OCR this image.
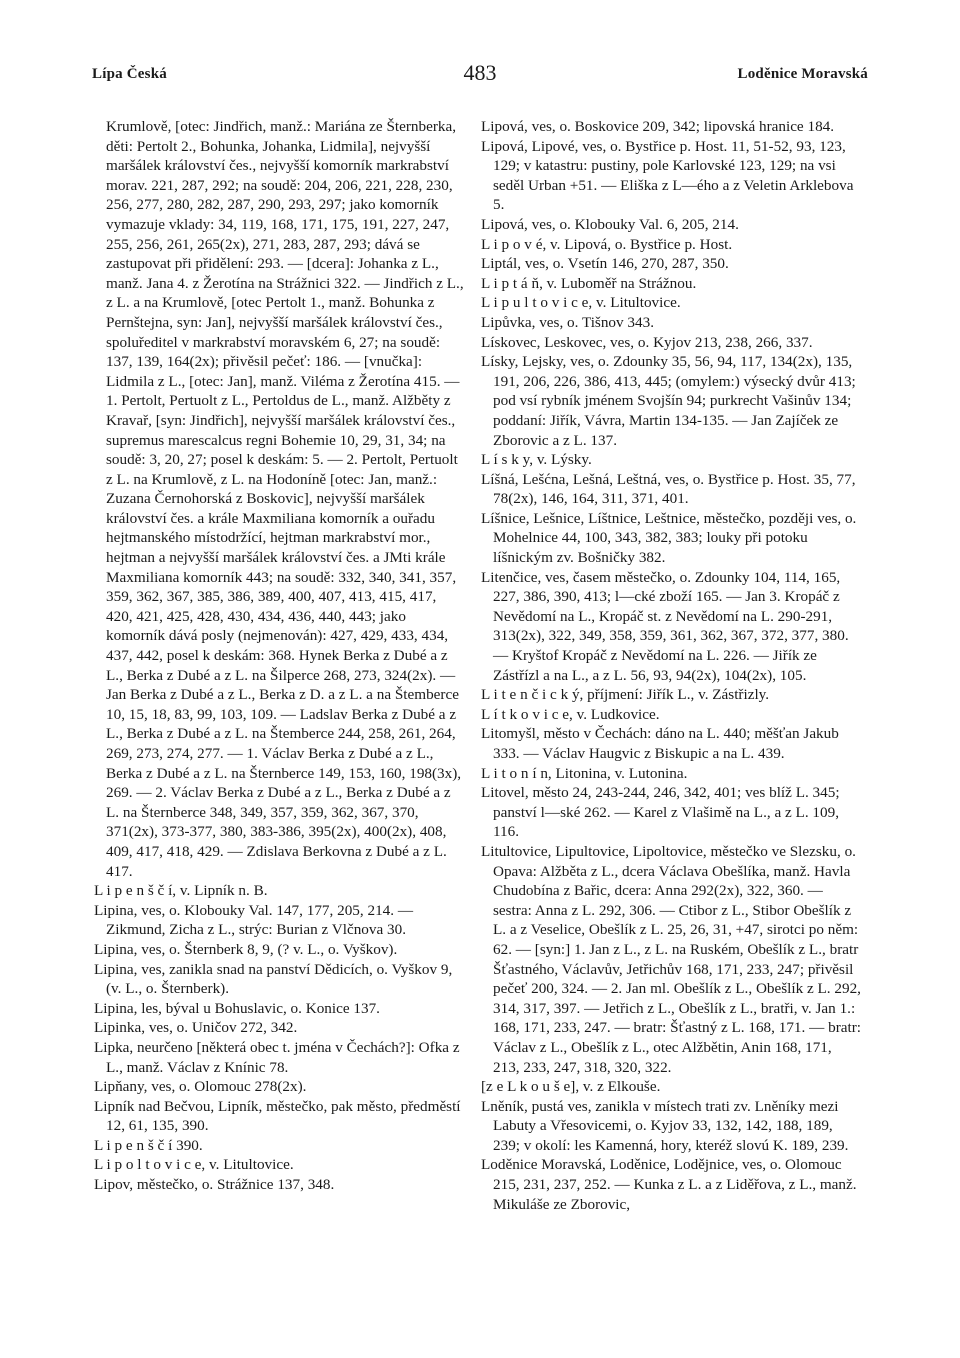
Lípa Česká	483	Loděnice Moravská

Krumlově, [otec: Jindřich, manž.: Mariána ze Šternberka, děti: Pertolt 2., Bohunka, Johanka, Lidmila], nejvyšší maršálek království čes., nejvyšší komorník markrabství morav. 221, 287, 292; na soudě: 204, 206, 221, 228, 230, 256, 277, 280, 282, 287, 290, 293, 297; jako komorník vymazuje vklady: 34, 119, 168, 171, 175, 191, 227, 247, 255, 256, 261, 265(2x), 271, 283, 287, 293; dává se zastupovat při přidělení: 293. — [dcera]: Johanka z L., manž. Jana 4. z Žerotína na Strážnici 322. — Jindřich z L., z L. a na Krumlově, [otec Pertolt 1., manž. Bohunka z Pernštejna, syn: Jan], nejvyšší maršálek království čes., spoluředitel v markrabství moravském 6, 27; na soudě: 137, 139, 164(2x); přivěsil pečeť: 186. — [vnučka]: Lidmila z L., [otec: Jan], manž. Viléma z Žerotína 415. — 1. Pertolt, Pertuolt z L., Pertoldus de L., manž. Alžběty z Kravař, [syn: Jindřich], nejvyšší maršálek království čes., supremus marescalcus regni Bohemie 10, 29, 31, 34; na soudě: 3, 20, 27; posel k deskám: 5. — 2. Pertolt, Pertuolt z L. na Krumlově, z L. na Hodoníně [otec: Jan, manž.: Zuzana Černohorská z Boskovic], nejvyšší maršálek království čes. a krále Maxmiliana komorník a ouřadu hejtmanského místodržící, hejtman markrabství mor., hejtman a nejvyšší maršálek království čes. a JMti krále Maxmiliana komorník 443; na soudě: 332, 340, 341, 357, 359, 362, 367, 385, 386, 389, 400, 407, 413, 415, 417, 420, 421, 425, 428, 430, 434, 436, 440, 443; jako komorník dává posly (nejmenován): 427, 429, 433, 434, 437, 442, posel k deskám: 368. Hynek Berka z Dubé a z L., Berka z Dubé a z L. na Šilperce 268, 273, 324(2x). — Jan Berka z Dubé a z L., Berka z D. a z L. a na Štemberce 10, 15, 18, 83, 99, 103, 109. — Ladslav Berka z Dubé a z L., Berka z Dubé a z L. na Štemberce 244, 258, 261, 264, 269, 273, 274, 277. — 1. Václav Berka z Dubé a z L., Berka z Dubé a z L. na Šternberce 149, 153, 160, 198(3x), 269. — 2. Václav Berka z Dubé a z L., Berka z Dubé a z L. na Šternberce 348, 349, 357, 359, 362, 367, 370, 371(2x), 373-377, 380, 383-386, 395(2x), 400(2x), 408, 409, 417, 418, 429. — Zdislava Berkovna z Dubé a z L. 417.

L i p e n š č í, v. Lipník n. B.

Lipina, ves, o. Klobouky Val. 147, 177, 205, 214. — Zikmund, Zicha z L., strýc: Burian z Vlčnova 30.

Lipina, ves, o. Šternberk 8, 9, (? v. L., o. Vyškov).

Lipina, ves, zanikla snad na panství Dědicích, o. Vyškov 9, (v. L., o. Šternberk).

Lipina, les, býval u Bohuslavic, o. Konice 137.

Lipinka, ves, o. Uničov 272, 342.

Lipka, neurčeno [některá obec t. jména v Čechách?]: Ofka z L., manž. Václav z Knínic 78.

Lipňany, ves, o. Olomouc 278(2x).

Lipník nad Bečvou, Lipník, městečko, pak město, předměstí 12, 61, 135, 390.

L i p e n š č í 390.

L i p o l t o v i c e, v. Litultovice.

Lipov, městečko, o. Strážnice 137, 348.

Lipová, ves, o. Boskovice 209, 342; lipovská hranice 184.

Lipová, Lipové, ves, o. Bystřice p. Host. 11, 51-52, 93, 123, 129; v katastru: pustiny, pole Karlovské 123, 129; na vsi seděl Urban +51. — Eliška z L—ého a z Veletin Arklebova 5.

Lipová, ves, o. Klobouky Val. 6, 205, 214.

L i p o v é, v. Lipová, o. Bystřice p. Host.

Liptál, ves, o. Vsetín 146, 270, 287, 350.

L i p t á ň, v. Luboměř na Strážnou.

L i p u l t o v i c e, v. Litultovice.

Lipůvka, ves, o. Tišnov 343.

Lískovec, Leskovec, ves, o. Kyjov 213, 238, 266, 337.

Lísky, Lejsky, ves, o. Zdounky 35, 56, 94, 117, 134(2x), 135, 191, 206, 226, 386, 413, 445; (omylem:) výsecký dvůr 413; pod vsí rybník jménem Svojšín 94; purkrecht Vašinův 134; poddaní: Jiřík, Vávra, Martin 134-135. — Jan Zajíček ze Zborovic a z L. 137.

L í s k y, v. Lýsky.

Líšná, Lešćna, Lešná, Leštná, ves, o. Bystřice p. Host. 35, 77, 78(2x), 146, 164, 311, 371, 401.

Líšnice, Lešnice, Líštnice, Leštnice, městečko, později ves, o. Mohelnice 44, 100, 343, 382, 383; louky při potoku líšnickým zv. Bošničky 382.

Litenčice, ves, časem městečko, o. Zdounky 104, 114, 165, 227, 386, 390, 413; l—cké zboží 165. — Jan 3. Kropáč z Nevědomí na L., Kropáč st. z Nevědomí na L. 290-291, 313(2x), 322, 349, 358, 359, 361, 362, 367, 372, 377, 380. — Kryštof Kropáč z Nevědomí na L. 226. — Jiřík ze Zástřízl a na L., a z L. 56, 93, 94(2x), 104(2x), 105.

L i t e n č i c k ý, příjmení: Jiřík L., v. Zástřizly.

L í t k o v i c e, v. Ludkovice.

Litomyšl, město v Čechách: dáno na L. 440; měšťan Jakub 333. — Václav Haugvic z Biskupic a na L. 439.

L i t o n í n, Litonina, v. Lutonina.

Litovel, město 24, 243-244, 246, 342, 401; ves blíž L. 345; panství l—ské 262. — Karel z Vlašimě na L., a z L. 109, 116.

Litultovice, Lipultovice, Lipoltovice, městečko ve Slezsku, o. Opava: Alžběta z L., dcera Václava Obešlíka, manž. Havla Chudobína z Bařic, dcera: Anna 292(2x), 322, 360. — sestra: Anna z L. 292, 306. — Ctibor z L., Stibor Obešlík z L. a z Veselice, Obešlík z L. 25, 26, 31, +47, sirotci po něm: 62. — [syn:] 1. Jan z L., z L. na Ruském, Obešlík z L., bratr Šťastného, Václavův, Jetřichův 168, 171, 233, 247; přivěsil pečeť 200, 324. — 2. Jan ml. Obešlík z L., Obešlík z L. 292, 314, 317, 397. — Jetřich z L., Obešlík z L., bratři, v. Jan 1.: 168, 171, 233, 247. — bratr: Šťastný z L. 168, 171. — bratr: Václav z L., Obešlík z L., otec Alžbětin, Anin 168, 171, 213, 233, 247, 318, 320, 322.

[z e L k o u š e], v. z Elkouše.

Lněník, pustá ves, zanikla v místech trati zv. Lněníky mezi Labuty a Vřesovicemi, o. Kyjov 33, 132, 142, 188, 189, 239; v okolí: les Kamenná, hory, kteréž slovú K. 189, 239.

Loděnice Moravská, Loděnice, Lodějnice, ves, o. Olomouc 215, 231, 237, 252. — Kunka z L. a z Liděřova, z L., manž. Mikuláše ze Zborovic,
